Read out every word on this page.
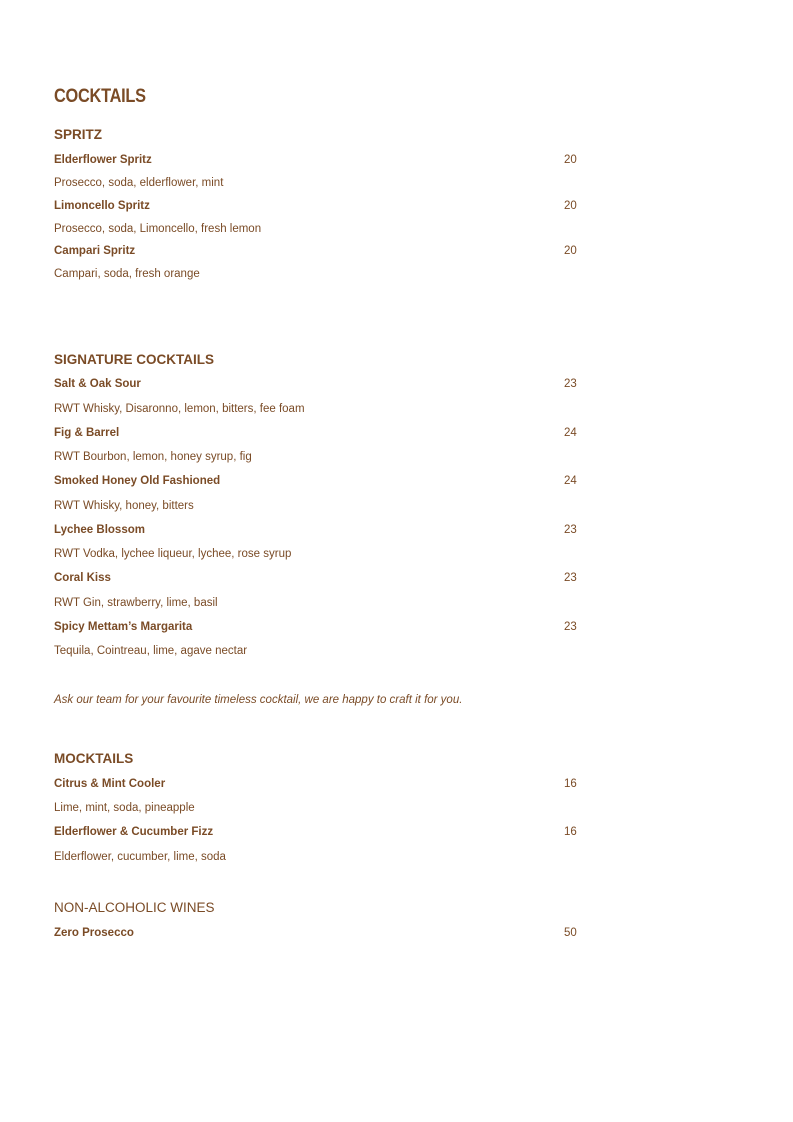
COCKTAILS
SPRITZ
Elderflower Spritz	20
Prosecco, soda, elderflower, mint
Limoncello Spritz	20
Prosecco, soda, Limoncello, fresh lemon
Campari Spritz	20
Campari, soda, fresh orange
SIGNATURE COCKTAILS
Salt & Oak Sour	23
RWT Whisky, Disaronno, lemon, bitters, fee foam
Fig & Barrel	24
RWT Bourbon, lemon, honey syrup, fig
Smoked Honey Old Fashioned	24
RWT Whisky, honey, bitters
Lychee Blossom	23
RWT Vodka, lychee liqueur, lychee, rose syrup
Coral Kiss	23
RWT Gin, strawberry, lime, basil
Spicy Mettam’s Margarita	23
Tequila, Cointreau, lime, agave nectar
Ask our team for your favourite timeless cocktail, we are happy to craft it for you.
MOCKTAILS
Citrus & Mint Cooler	16
Lime, mint, soda, pineapple
Elderflower & Cucumber Fizz	16
Elderflower, cucumber, lime, soda
NON-ALCOHOLIC WINES
Zero Prosecco	50
